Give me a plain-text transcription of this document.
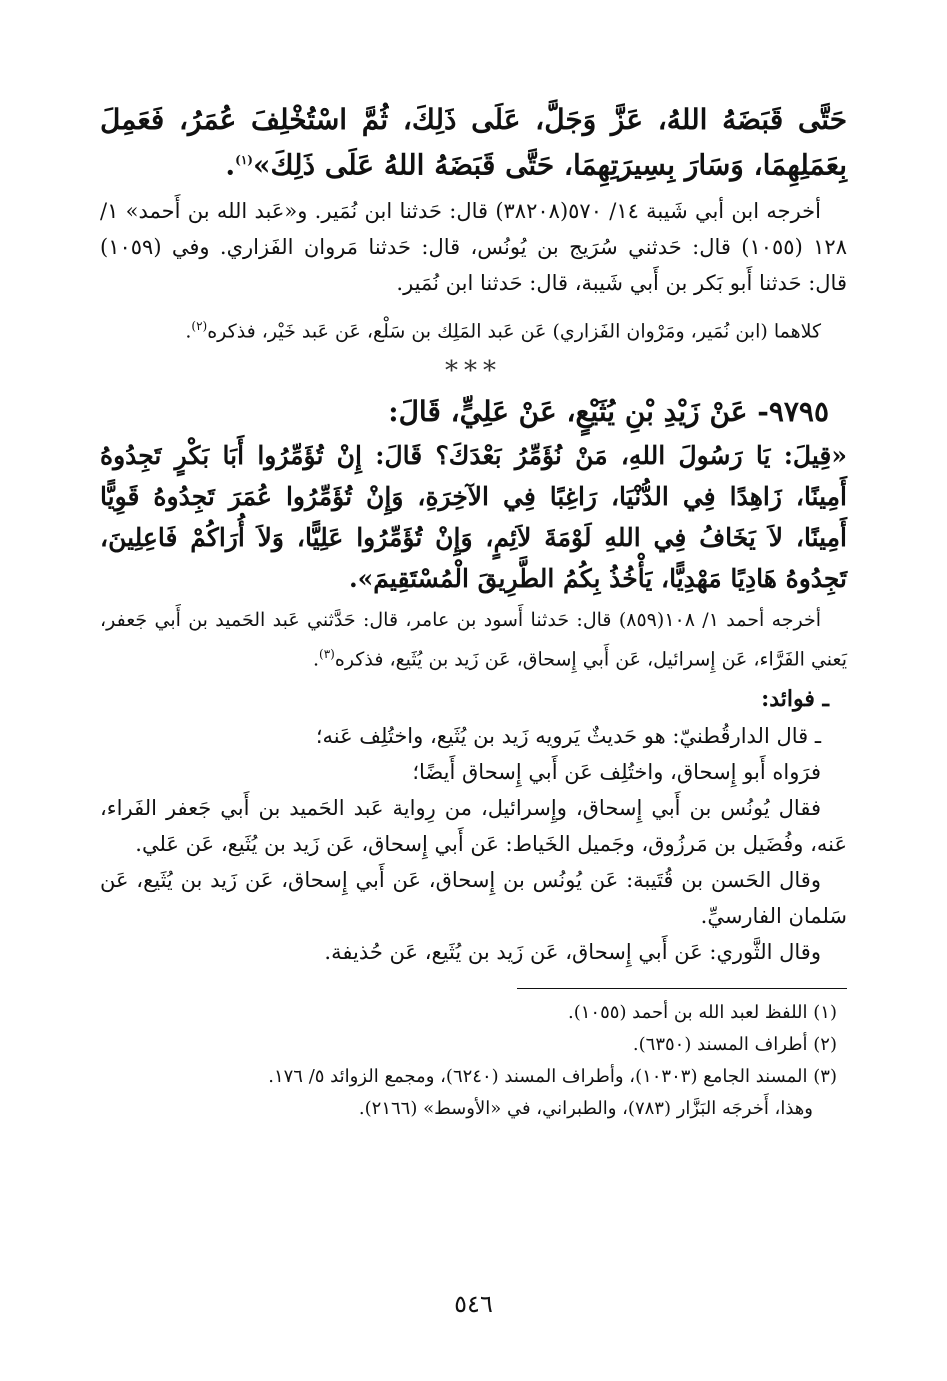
حَتَّى قَبَضَهُ اللهُ، عَزَّ وَجَلَّ، عَلَى ذَلِكَ، ثُمَّ اسْتُخْلِفَ عُمَرُ، فَعَمِلَ بِعَمَلِهِمَا، وَسَارَ بِسِيرَتِهِمَا، حَتَّى قَبَضَهُ اللهُ عَلَى ذَلِكَ»$^{(١)}$.

أخرجه ابن أبي شَيبة ١٤/ ٥٧٠(٣٨٢٠٨) قال: حَدثنا ابن نُمَير. و«عَبد الله بن أَحمد» ١/ ١٢٨ (١٠٥٥) قال: حَدثني سُرَيج بن يُونُس، قال: حَدثنا مَروان الفَزاري. وفي (١٠٥٩) قال: حَدثنا أَبو بَكر بن أَبي شَيبة، قال: حَدثنا ابن نُمَير.

كلاهما (ابن نُمَير، ومَرْوان الفَزاري) عَن عَبد المَلِك بن سَلْع، عَن عَبد خَيْر، فذكره$^{(٢)}$.

***

٩٧٩٥- عَنْ زَيْدِ بْنِ يُثَيْعٍ، عَنْ عَلِيٍّ، قَالَ:

«قِيلَ: يَا رَسُولَ اللهِ، مَنْ نُؤَمِّرُ بَعْدَكَ؟ قَالَ: إِنْ تُؤَمِّرُوا أَبَا بَكْرٍ تَجِدُوهُ أَمِينًا، زَاهِدًا فِي الدُّنْيَا، رَاغِبًا فِي الآخِرَةِ، وَإِنْ تُؤَمِّرُوا عُمَرَ تَجِدُوهُ قَوِيًّا أَمِينًا، لاَ يَخَافُ فِي اللهِ لَوْمَةَ لاَئِمٍ، وَإِنْ تُؤَمِّرُوا عَلِيًّا، وَلاَ أُرَاكُمْ فَاعِلِينَ، تَجِدُوهُ هَادِيًا مَهْدِيًّا، يَأْخُذُ بِكُمُ الطَّرِيقَ الْمُسْتَقِيمَ».

أخرجه أحمد ١/ ١٠٨(٨٥٩) قال: حَدثنا أَسود بن عامر، قال: حَدَّثني عَبد الحَميد بن أَبي جَعفر، يَعني الفَرَّاء، عَن إِسرائيل، عَن أَبي إِسحاق، عَن زَيد بن يُثَيع، فذكره$^{(٣)}$.

ـ فوائد:

ـ قال الدارقُطنيّ: هو حَديثٌ يَرويه زَيد بن يُثَيع، واختُلِف عَنه؛

فرَواه أَبو إِسحاق، واختُلِف عَن أَبي إِسحاق أَيضًا؛

فقال يُونُس بن أَبي إِسحاق، وإِسرائيل، من رِواية عَبد الحَميد بن أَبي جَعفر الفَراء، عَنه، وفُضَيل بن مَرزُوق، وجَميل الخَياط: عَن أَبي إِسحاق، عَن زَيد بن يُثَيع، عَن عَلي.

وقال الحَسن بن قُتَيبة: عَن يُونُس بن إِسحاق، عَن أَبي إِسحاق، عَن زَيد بن يُثَيع، عَن سَلمان الفارسيِّ.

وقال الثَّوري: عَن أَبي إِسحاق، عَن زَيد بن يُثَيع، عَن حُذيفة.

(١) اللفظ لعبد الله بن أحمد (١٠٥٥).

(٢) أطراف المسند (٦٣٥٠).

(٣) المسند الجامع (١٠٣٠٣)، وأطراف المسند (٦٢٤٠)، ومجمع الزوائد ٥/ ١٧٦.

وهذا، أَخرجَه البَزَّار (٧٨٣)، والطبراني، في «الأوسط» (٢١٦٦).

٥٤٦
